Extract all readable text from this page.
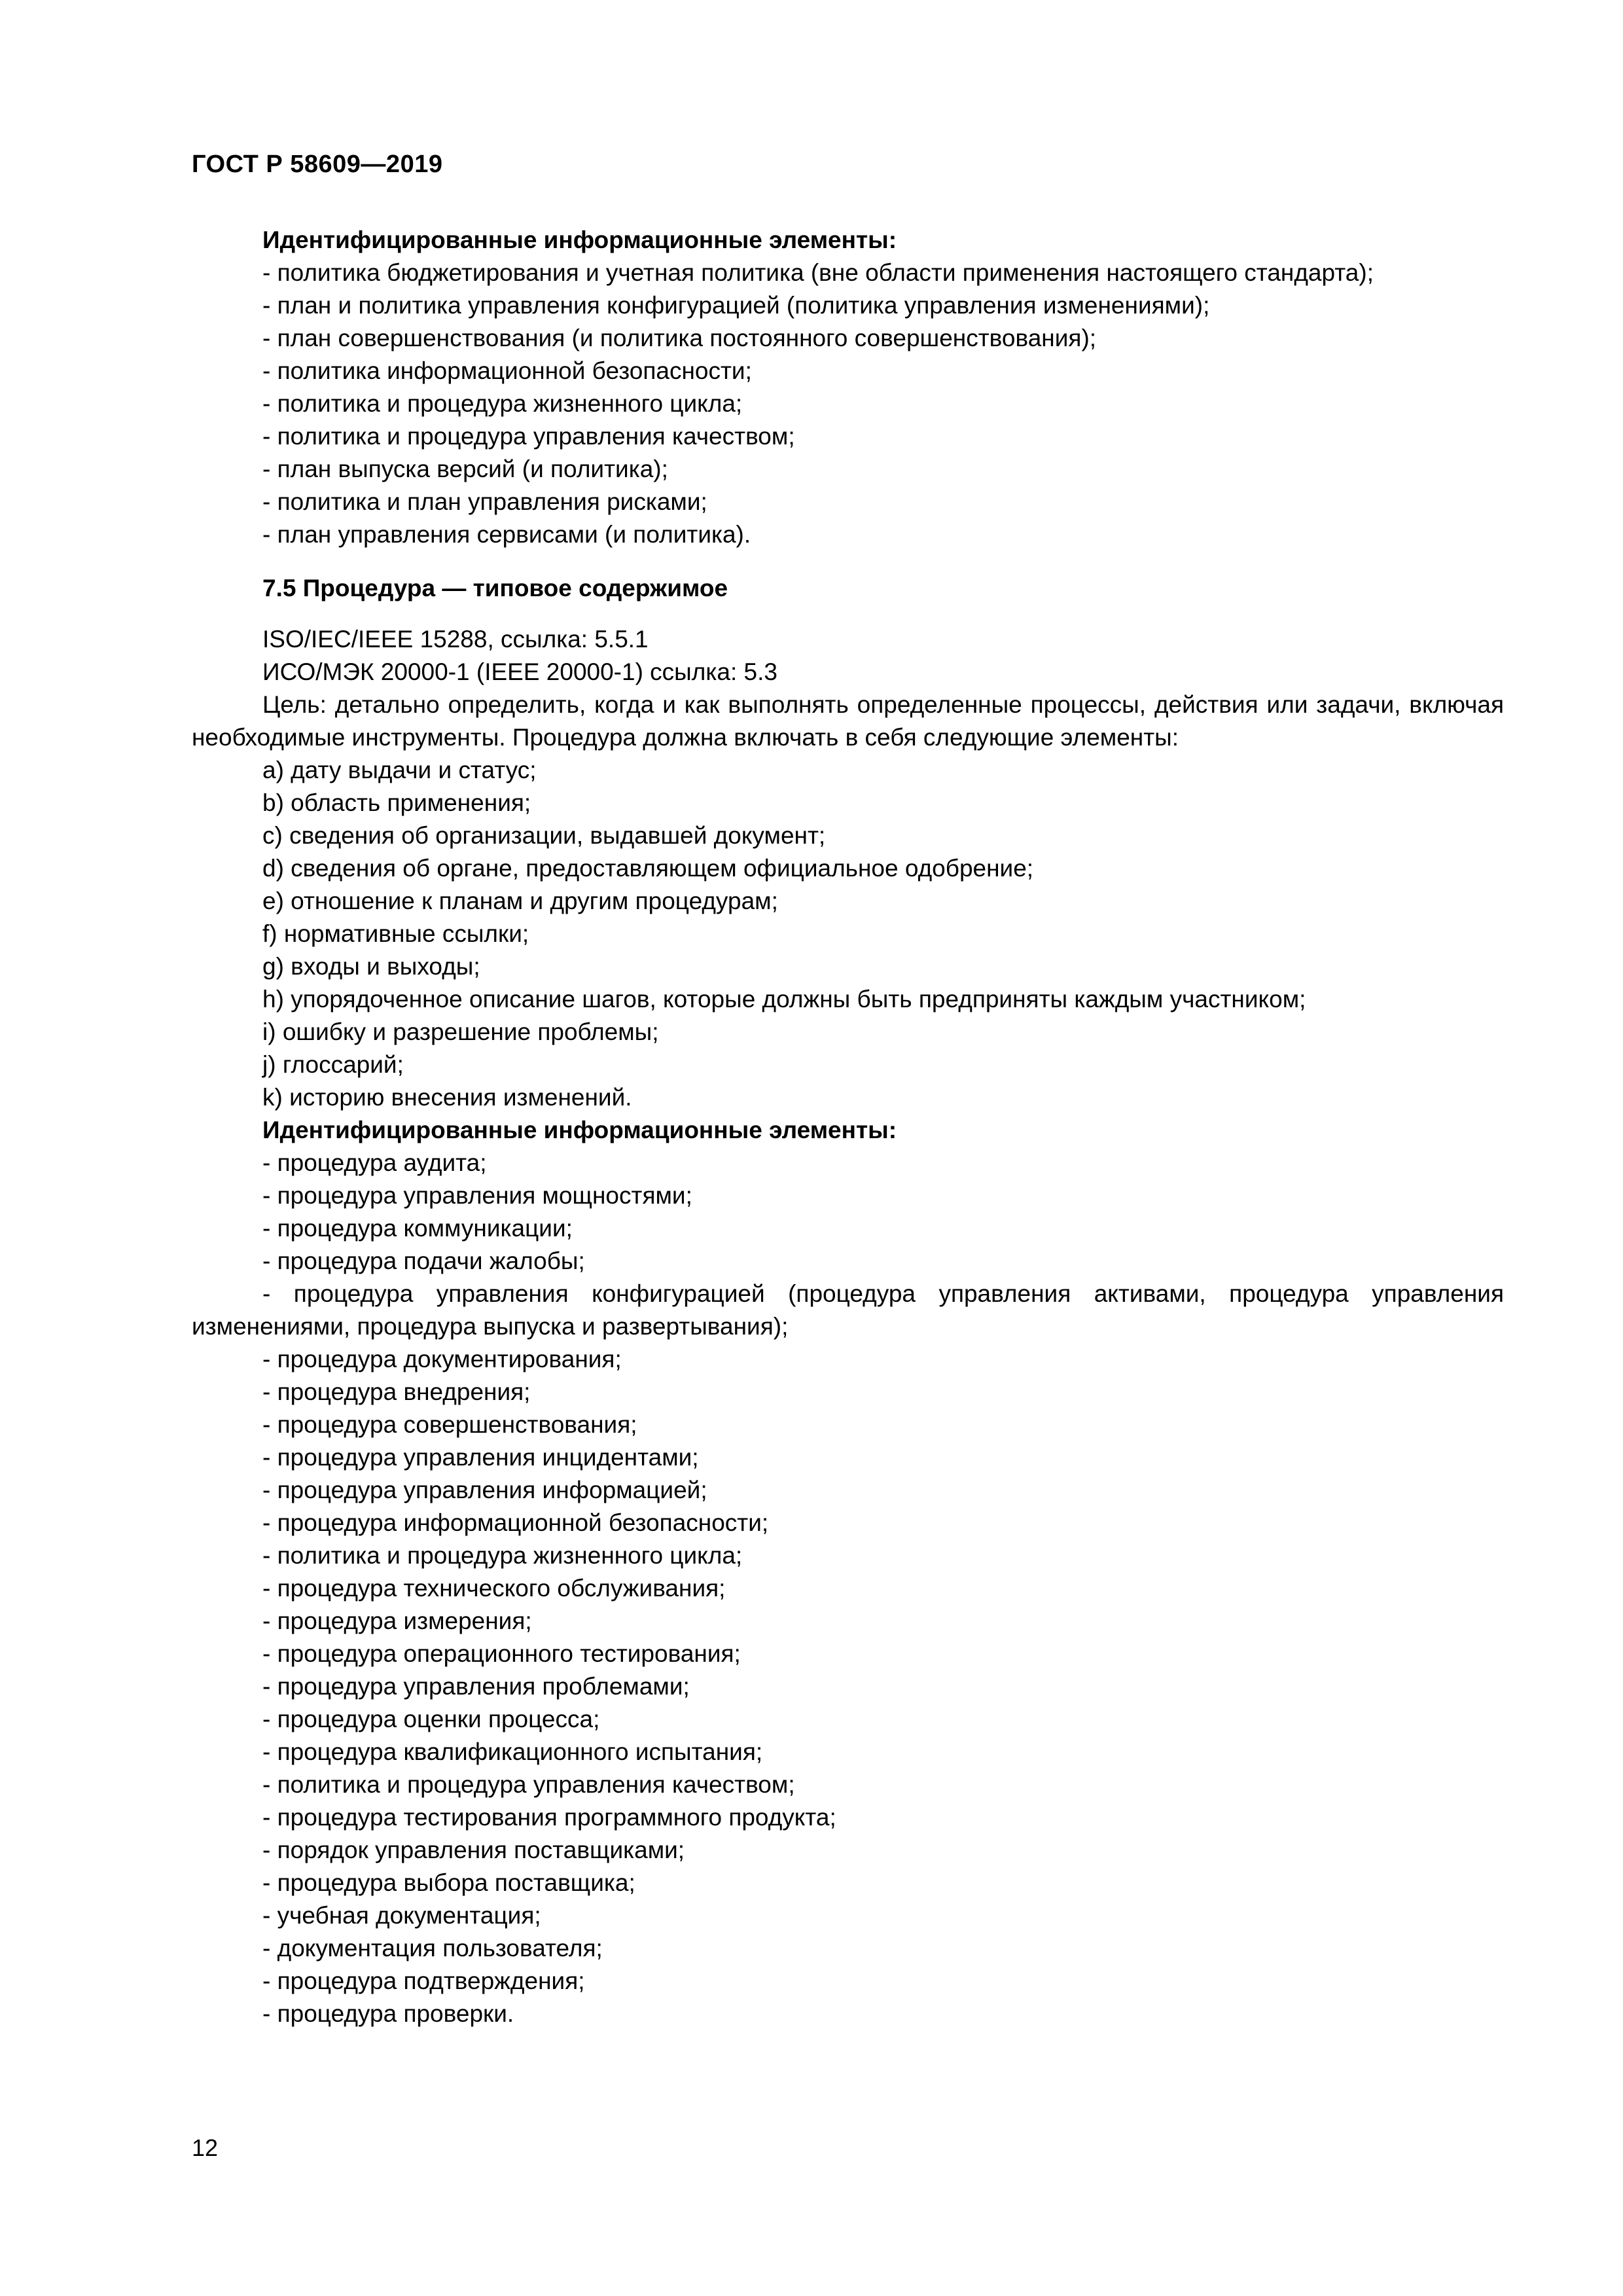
ГОСТ Р 58609—2019

Идентифицированные информационные элементы:

- политика бюджетирования и учетная политика (вне области применения настоящего стандарта);

- план и политика управления конфигурацией (политика управления изменениями);

- план совершенствования (и политика постоянного совершенствования);

- политика информационной безопасности;

- политика и процедура жизненного цикла;

- политика и процедура управления качеством;

- план выпуска версий (и политика);

- политика и план управления рисками;

- план управления сервисами (и политика).

7.5 Процедура — типовое содержимое

ISO/IEC/IEEE 15288, ссылка: 5.5.1

ИСО/МЭК 20000-1 (IEEE 20000-1) ссылка: 5.3

Цель: детально определить, когда и как выполнять определенные процессы, действия или задачи, включая необходимые инструменты. Процедура должна включать в себя следующие элементы:

a) дату выдачи и статус;

b) область применения;

c) сведения об организации, выдавшей документ;

d) сведения об органе, предоставляющем официальное одобрение;

e) отношение к планам и другим процедурам;

f) нормативные ссылки;

g) входы и выходы;

h) упорядоченное описание шагов, которые должны быть предприняты каждым участником;

i) ошибку и разрешение проблемы;

j) глоссарий;

k) историю внесения изменений.

Идентифицированные информационные элементы:

- процедура аудита;

- процедура управления мощностями;

- процедура коммуникации;

- процедура подачи жалобы;

- процедура управления конфигурацией (процедура управления активами, процедура управления изменениями, процедура выпуска и развертывания);

- процедура документирования;

- процедура внедрения;

- процедура совершенствования;

- процедура управления инцидентами;

- процедура управления информацией;

- процедура информационной безопасности;

- политика и процедура жизненного цикла;

- процедура технического обслуживания;

- процедура измерения;

- процедура операционного тестирования;

- процедура управления проблемами;

- процедура оценки процесса;

- процедура квалификационного испытания;

- политика и процедура управления качеством;

- процедура тестирования программного продукта;

- порядок управления поставщиками;

- процедура выбора поставщика;

- учебная документация;

- документация пользователя;

- процедура подтверждения;

- процедура проверки.

12
